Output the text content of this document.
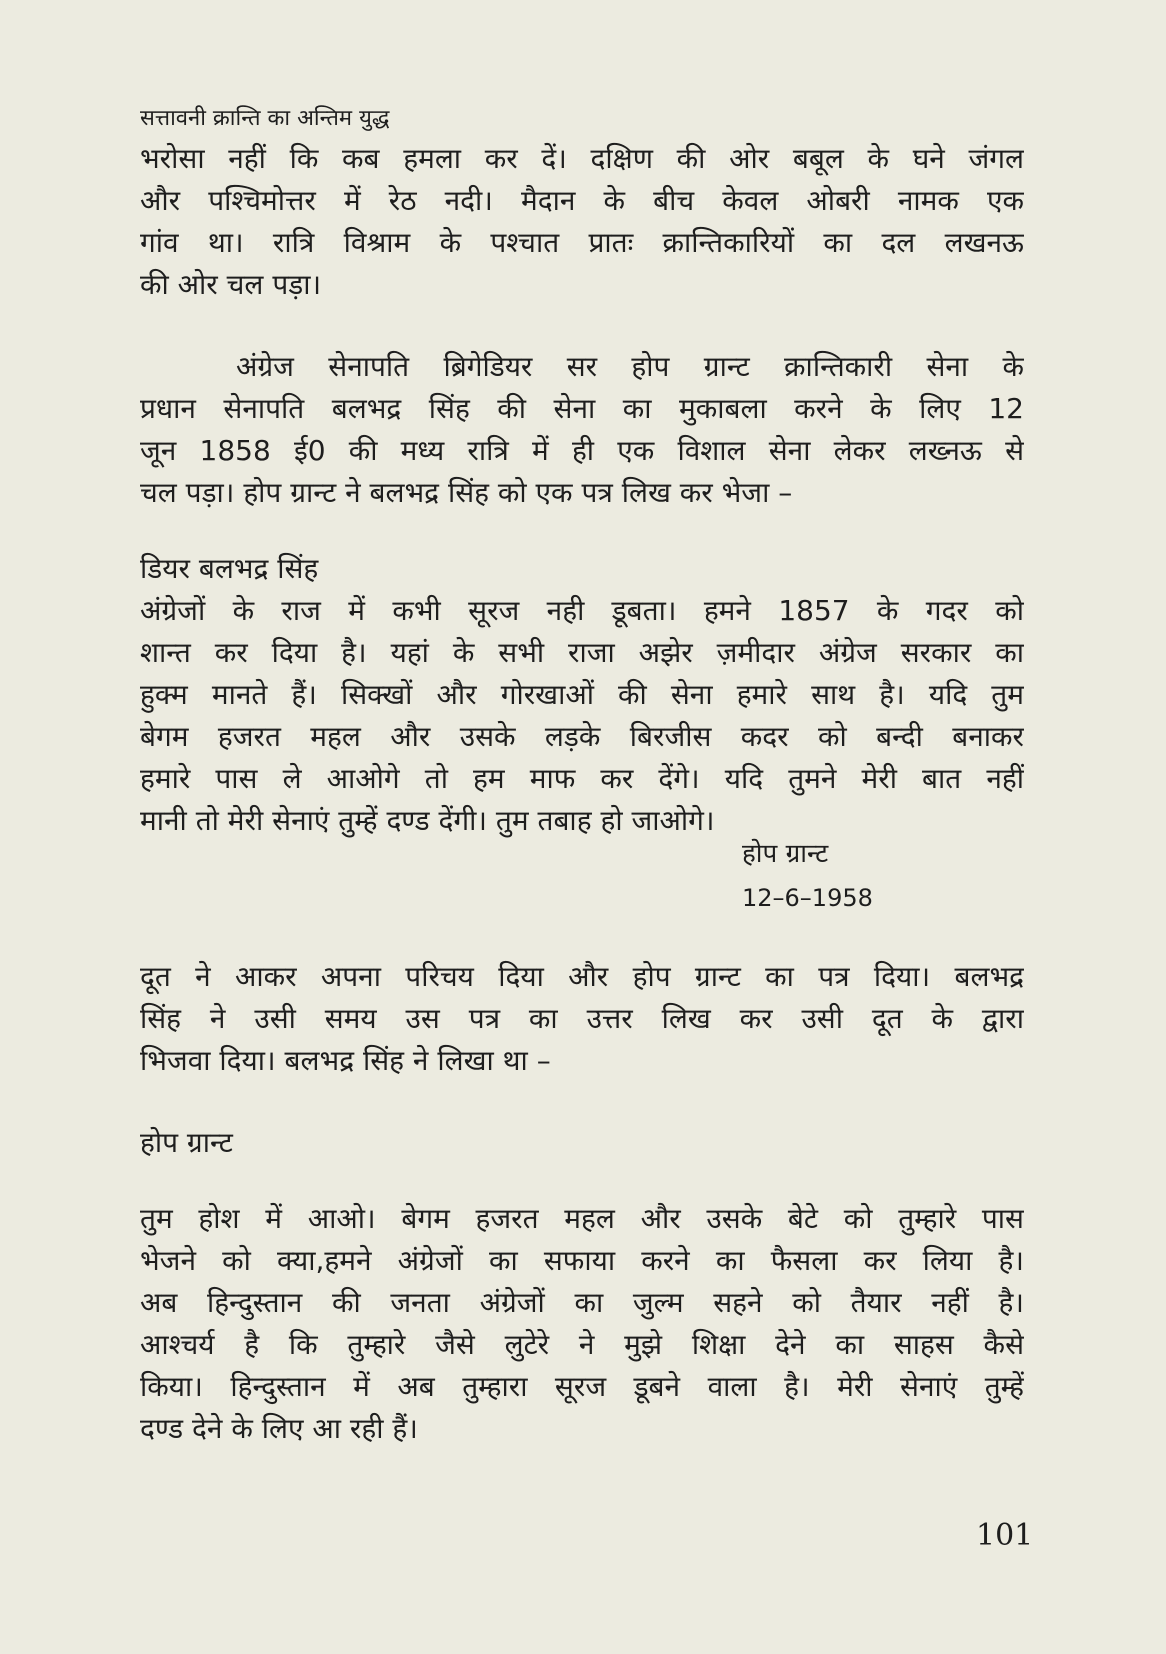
सत्तावनी क्रान्ति का अन्तिम युद्ध
भरोसा नहीं कि कब हमला कर दें। दक्षिण की ओर बबूल के घने जंगल
और पश्चिमोत्तर में रेठ नदी। मैदान के बीच केवल ओबरी नामक एक
गांव था। रात्रि विश्राम के पश्चात प्रातः क्रान्तिकारियों का दल लखनऊ
की ओर चल पड़ा।
अंग्रेज सेनापति ब्रिगेडियर सर होप ग्रान्ट क्रान्तिकारी सेना के
प्रधान सेनापति बलभद्र सिंह की सेना का मुकाबला करने के लिए 12
जून 1858 ई0 की मध्य रात्रि में ही एक विशाल सेना लेकर लख्नऊ से
चल पड़ा। होप ग्रान्ट ने बलभद्र सिंह को एक पत्र लिख कर भेजा –
डियर बलभद्र सिंह
अंग्रेजों के राज में कभी सूरज नही डूबता। हमने 1857 के गदर को
शान्त कर दिया है। यहां के सभी राजा अझेर ज़मीदार अंग्रेज सरकार का
हुक्म मानते हैं। सिक्खों और गोरखाओं की सेना हमारे साथ है। यदि तुम
बेगम हजरत महल और उसके लड़के बिरजीस कदर को बन्दी बनाकर
हमारे पास ले आओगे तो हम माफ कर देंगे। यदि तुमने मेरी बात नहीं
मानी तो मेरी सेनाएं तुम्हें दण्ड देंगी। तुम तबाह हो जाओगे।
होप ग्रान्ट
12–6–1958
दूत ने आकर अपना परिचय दिया और होप ग्रान्ट का पत्र दिया। बलभद्र
सिंह ने उसी समय उस पत्र का उत्तर लिख कर उसी दूत के द्वारा
भिजवा दिया। बलभद्र सिंह ने लिखा था –
होप ग्रान्ट
तुम होश में आओ। बेगम हजरत महल और उसके बेटे को तुम्हारे पास
भेजने को क्या,हमने अंग्रेजों का सफाया करने का फैसला कर लिया है।
अब हिन्दुस्तान की जनता अंग्रेजों का जुल्म सहने को तैयार नहीं है।
आश्चर्य है कि तुम्हारे जैसे लुटेरे ने मुझे शिक्षा देने का साहस कैसे
किया। हिन्दुस्तान में अब तुम्हारा सूरज डूबने वाला है। मेरी सेनाएं तुम्हें
दण्ड देने के लिए आ रही हैं।
101
